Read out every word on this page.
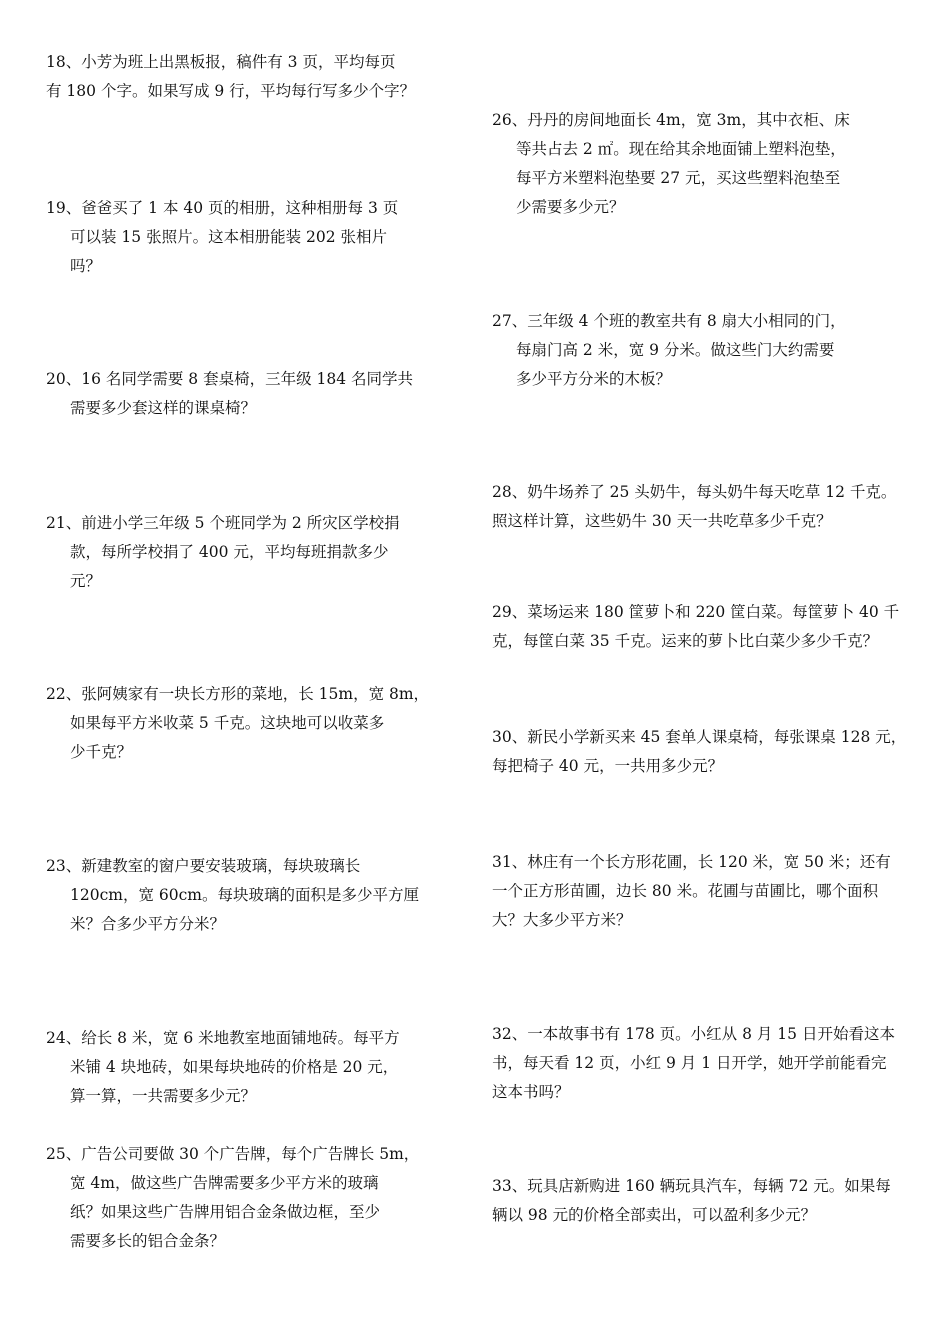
18、小芳为班上出黑板报，稿件有 3 页，平均每页
有 180 个字。如果写成 9 行，平均每行写多少个字？
19、爸爸买了 1 本 40 页的相册，这种相册每 3 页
可以装 15 张照片。这本相册能装 202 张相片
吗？
20、16 名同学需要 8 套桌椅，三年级 184 名同学共
需要多少套这样的课桌椅？
21、前进小学三年级 5 个班同学为 2 所灾区学校捐
款，每所学校捐了 400 元，平均每班捐款多少
元？
22、张阿姨家有一块长方形的菜地，长 15m，宽 8m，
如果每平方米收菜 5 千克。这块地可以收菜多
少千克？
23、新建教室的窗户要安装玻璃，每块玻璃长
120cm，宽 60cm。每块玻璃的面积是多少平方厘
米？合多少平方分米？
24、给长 8 米，宽 6 米地教室地面铺地砖。每平方
米铺 4 块地砖，如果每块地砖的价格是 20 元，
算一算，一共需要多少元？
25、广告公司要做 30 个广告牌，每个广告牌长 5m，
宽 4m，做这些广告牌需要多少平方米的玻璃
纸？如果这些广告牌用铝合金条做边框，至少
需要多长的铝合金条？
26、丹丹的房间地面长 4m，宽 3m，其中衣柜、床
等共占去 2 ㎡。现在给其余地面铺上塑料泡垫，
每平方米塑料泡垫要 27 元，买这些塑料泡垫至
少需要多少元？
27、三年级 4 个班的教室共有 8 扇大小相同的门，
每扇门高 2 米，宽 9 分米。做这些门大约需要
多少平方分米的木板？
28、奶牛场养了 25 头奶牛，每头奶牛每天吃草 12 千克。
照这样计算，这些奶牛 30 天一共吃草多少千克？
29、菜场运来 180 筐萝卜和 220 筐白菜。每筐萝卜 40 千
克，每筐白菜 35 千克。运来的萝卜比白菜少多少千克？
30、新民小学新买来 45 套单人课桌椅，每张课桌 128 元，
每把椅子 40 元，一共用多少元？
31、林庄有一个长方形花圃，长 120 米，宽 50 米；还有
一个正方形苗圃，边长 80 米。花圃与苗圃比，哪个面积
大？大多少平方米？
32、一本故事书有 178 页。小红从 8 月 15 日开始看这本
书，每天看 12 页，小红 9 月 1 日开学，她开学前能看完
这本书吗？
33、玩具店新购进 160 辆玩具汽车，每辆 72 元。如果每
辆以 98 元的价格全部卖出，可以盈利多少元？
